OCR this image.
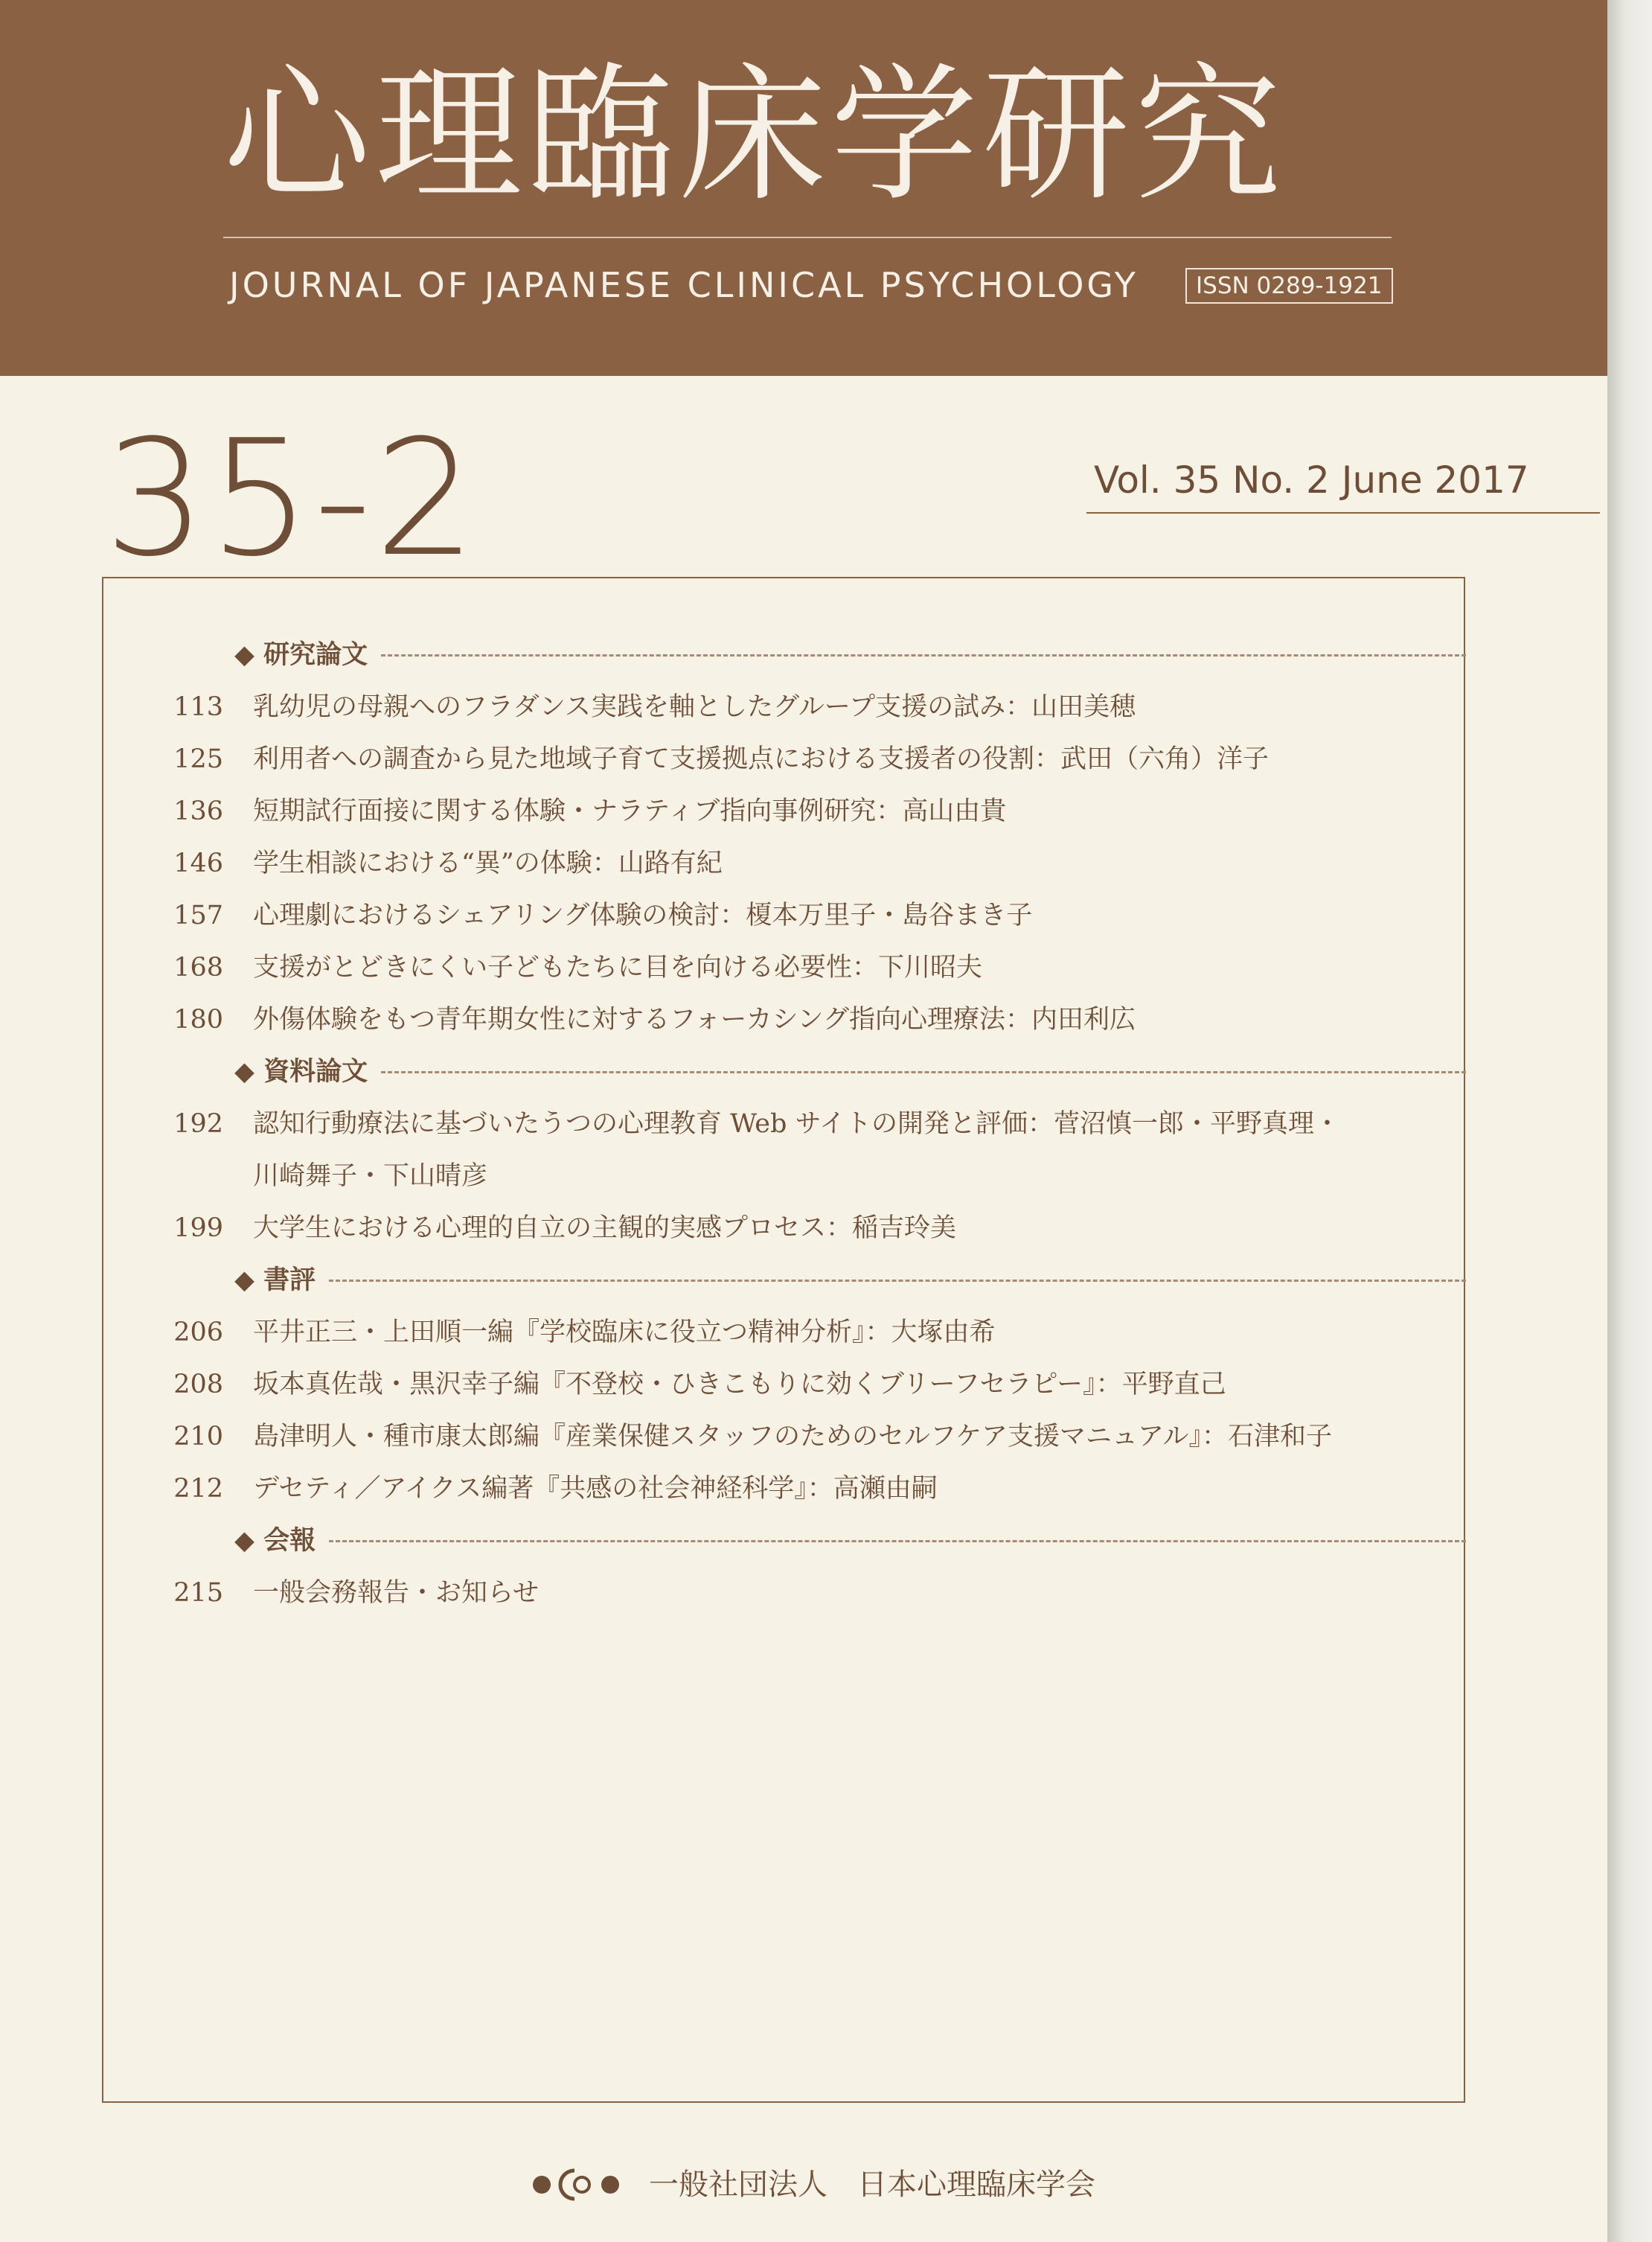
心理臨床学研究
JOURNAL OF JAPANESE CLINICAL PSYCHOLOGY	ISSN 0289-1921
35-2	Vol. 35 No. 2 June 2017
◆ 研究論文
113 乳幼児の母親へのフラダンス実践を軸としたグループ支援の試み：山田美穂
125 利用者への調査から見た地域子育て支援拠点における支援者の役割：武田（六角）洋子
136 短期試行面接に関する体験・ナラティブ指向事例研究：高山由貴
146 学生相談における“異”の体験：山路有紀
157 心理劇におけるシェアリング体験の検討：榎本万里子・島谷まき子
168 支援がとどきにくい子どもたちに目を向ける必要性：下川昭夫
180 外傷体験をもつ青年期女性に対するフォーカシング指向心理療法：内田利広
◆ 資料論文
192 認知行動療法に基づいたうつの心理教育 Web サイトの開発と評価：菅沼慎一郎・平野真理・
川崎舞子・下山晴彦
199 大学生における心理的自立の主観的実感プロセス：稲吉玲美
◆ 書評
206 平井正三・上田順一編『学校臨床に役立つ精神分析』：大塚由希
208 坂本真佐哉・黒沢幸子編『不登校・ひきこもりに効くブリーフセラピー』：平野直己
210 島津明人・種市康太郎編『産業保健スタッフのためのセルフケア支援マニュアル』：石津和子
212 デセティ／アイクス編著『共感の社会神経科学』：高瀬由嗣
◆ 会報
215 一般会務報告・お知らせ
一般社団法人　日本心理臨床学会
